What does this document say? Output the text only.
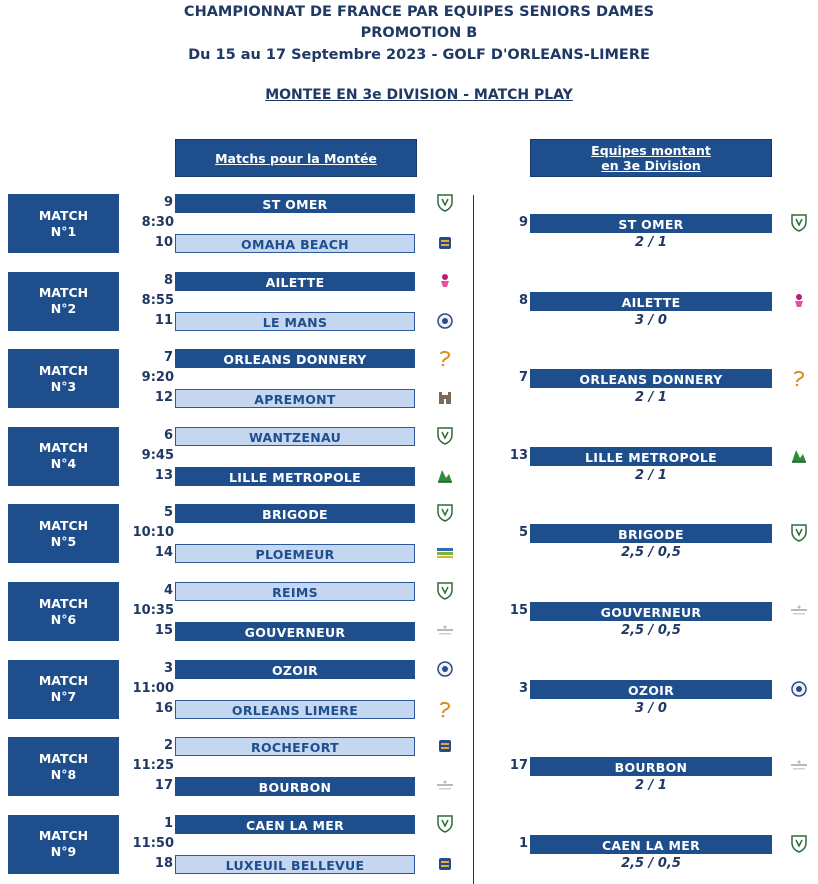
CHAMPIONNAT DE FRANCE PAR EQUIPES SENIORS DAMES
PROMOTION B
Du 15 au 17 Septembre 2023 - GOLF D'ORLEANS-LIMERE
MONTEE EN 3e DIVISION - MATCH PLAY
Matchs pour la Montée	Equipes montant
en 3e Division
MATCH
N°1
9	ST OMER
8:30
10	OMAHA BEACH
9	ST OMER
2 / 1
MATCH
N°2
8	AILETTE
8:55
11	LE MANS
8	AILETTE
3 / 0
MATCH
N°3
7	ORLEANS DONNERY
9:20
12	APREMONT
7	ORLEANS DONNERY
2 / 1
MATCH
N°4
6	WANTZENAU
9:45
13	LILLE METROPOLE
13	LILLE METROPOLE
2 / 1
MATCH
N°5
5	BRIGODE
10:10
14	PLOEMEUR
5	BRIGODE
2,5 / 0,5
MATCH
N°6
4	REIMS
10:35
15	GOUVERNEUR
15	GOUVERNEUR
2,5 / 0,5
MATCH
N°7
3	OZOIR
11:00
16	ORLEANS LIMERE
3	OZOIR
3 / 0
MATCH
N°8
2	ROCHEFORT
11:25
17	BOURBON
17	BOURBON
2 / 1
MATCH
N°9
1	CAEN LA MER
11:50
18	LUXEUIL BELLEVUE
1	CAEN LA MER
2,5 / 0,5
